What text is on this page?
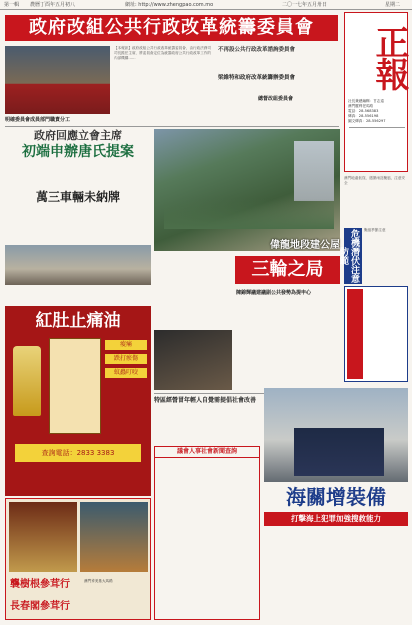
第一輯 農曆丁酉年五月初八	網址: http://www.zhengpao.com.mo	二〇一七年五月卅日	星期二
政府改組公共行政改革統籌委員會	正報
社長兼總編輯：甘志遠
澳門羅利老馬路
電話：28-568383
傳真：28-556198
圖文傳真：28-556297
【本報訊】政府改組公共行政改革統籌委員會，由行政法務司司長擔任主席，將委員會定位為統籌政府公共行政改革工作的內部機構……
不再設公共行政改革諮詢委員會
梁維特和政府改革統籌辦委員會
明確委員會成員部門職責分工
總督改組委員會
政府回應立會主席
初端申辦唐氏提案
萬三車輛未納牌
偉龍地段建公屋
三輪之局
澳門地處低窪，遇暴雨及颱風，注意安全
危機潛伏注意防範
颱風季節注意
紅肚止痛油
痠痛
跌打瘀傷
蚊蟲叮咬
查詢電話：2833 3383
襲樹根參茸行
長春閣參茸行
澳門爹美基大馬路
陳錦輝議建議副公共發勢為提申心
特區經營冒年輕人自覺需提倡社會改善
議會人事社會新聞查詢
海關增裝備
打擊海上犯罪加強搜救能力
